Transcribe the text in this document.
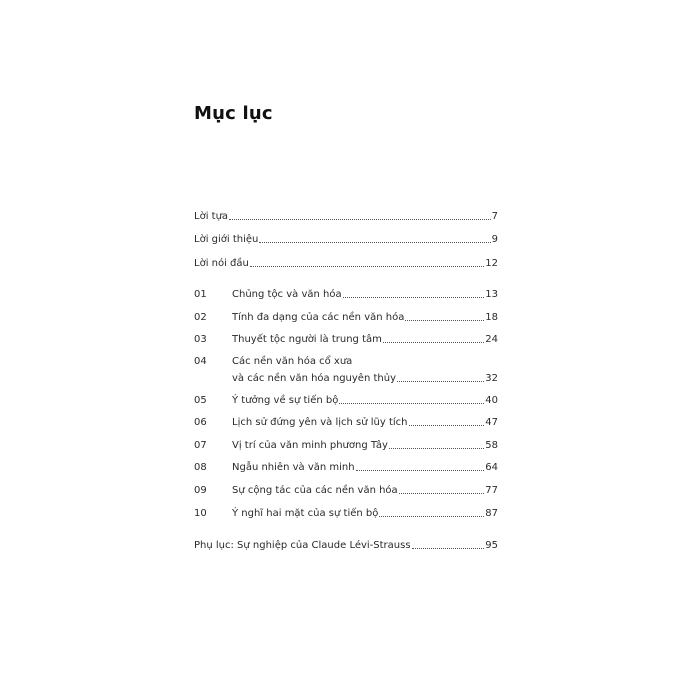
Mục lục
Lời tựa	7
Lời giới thiệu	9
Lời nói đầu	12
01	Chủng tộc và văn hóa	13
02	Tính đa dạng của các nền văn hóa	18
03	Thuyết tộc người là trung tâm	24
04	Các nền văn hóa cổ xưa
và các nền văn hóa nguyên thủy	32
05	Ý tưởng về sự tiến bộ	40
06	Lịch sử đứng yên và lịch sử lũy tích	47
07	Vị trí của văn minh phương Tây	58
08	Ngẫu nhiên và văn minh	64
09	Sự cộng tác của các nền văn hóa	77
10	Ý nghĩ hai mặt của sự tiến bộ	87
Phụ lục: Sự nghiệp của Claude Lévi-Strauss	95
